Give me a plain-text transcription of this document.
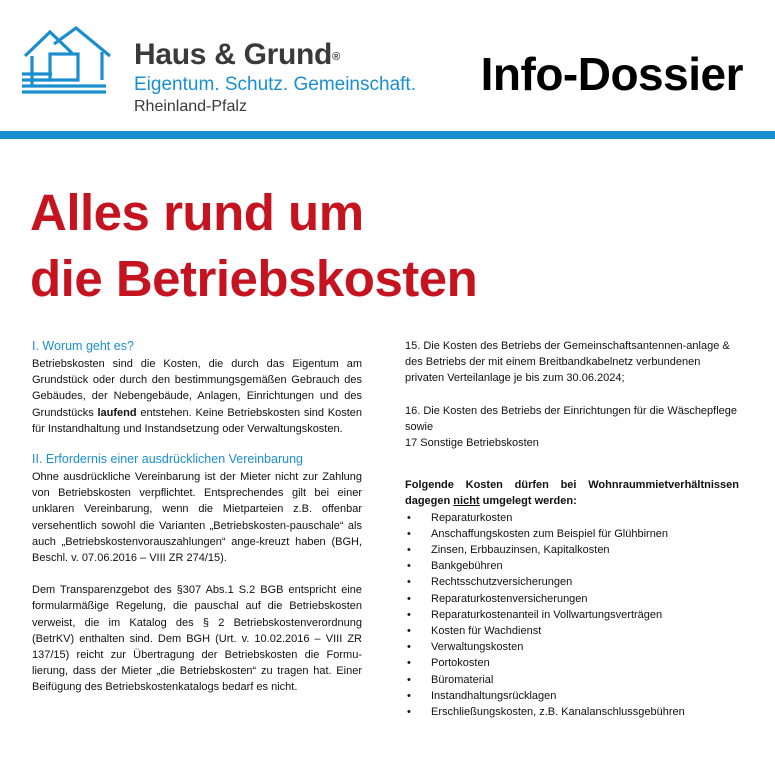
Haus & Grund®
Eigentum. Schutz. Gemeinschaft.
Rheinland-Pfalz
Info-Dossier
Alles rund um
die Betriebskosten
I. Worum geht es?

Betriebskosten sind die Kosten, die durch das Eigentum am Grundstück oder durch den bestimmungsgemäßen Gebrauch des Gebäudes, der Nebengebäude, Anlagen, Einrichtungen und des Grundstücks laufend entstehen. Keine Betriebskosten sind Kosten für Instandhaltung und Instandsetzung oder Verwaltungskosten.

II. Erfordernis einer ausdrücklichen Vereinbarung

Ohne ausdrückliche Vereinbarung ist der Mieter nicht zur Zahlung von Betriebskosten verpflichtet. Entsprechendes gilt bei einer unklaren Vereinbarung, wenn die Mietparteien z.B. offenbar versehentlich sowohl die Varianten „Betriebskosten-pauschale“ als auch „Betriebskostenvorauszahlungen“ ange-kreuzt haben (BGH, Beschl. v. 07.06.2016 – VIII ZR 274/15).

Dem Transparenzgebot des §307 Abs.1 S.2 BGB entspricht eine formularmäßige Regelung, die pauschal auf die Betriebskosten verweist, die im Katalog des § 2 Betriebskostenverordnung (BetrKV) enthalten sind. Dem BGH (Urt. v. 10.02.2016 – VIII ZR 137/15) reicht zur Übertragung der Betriebskosten die Formu-lierung, dass der Mieter „die Betriebskosten“ zu tragen hat. Einer Beifügung des Betriebskostenkatalogs bedarf es nicht.

15. Die Kosten des Betriebs der Gemeinschaftsantennen-anlage & des Betriebs der mit einem Breitbandkabelnetz verbundenen privaten Verteilanlage je bis zum 30.06.2024;

16. Die Kosten des Betriebs der Einrichtungen für die Wäschepflege sowie

17 Sonstige Betriebskosten

Folgende Kosten dürfen bei Wohnraummietverhältnissen dagegen nicht umgelegt werden:

• Reparaturkosten
• Anschaffungskosten zum Beispiel für Glühbirnen
• Zinsen, Erbbauzinsen, Kapitalkosten
• Bankgebühren
• Rechtsschutzversicherungen
• Reparaturkostenversicherungen
• Reparaturkostenanteil in Vollwartungsverträgen
• Kosten für Wachdienst
• Verwaltungskosten
• Portokosten
• Büromaterial
• Instandhaltungsrücklagen
• Erschließungskosten, z.B. Kanalanschlussgebühren
